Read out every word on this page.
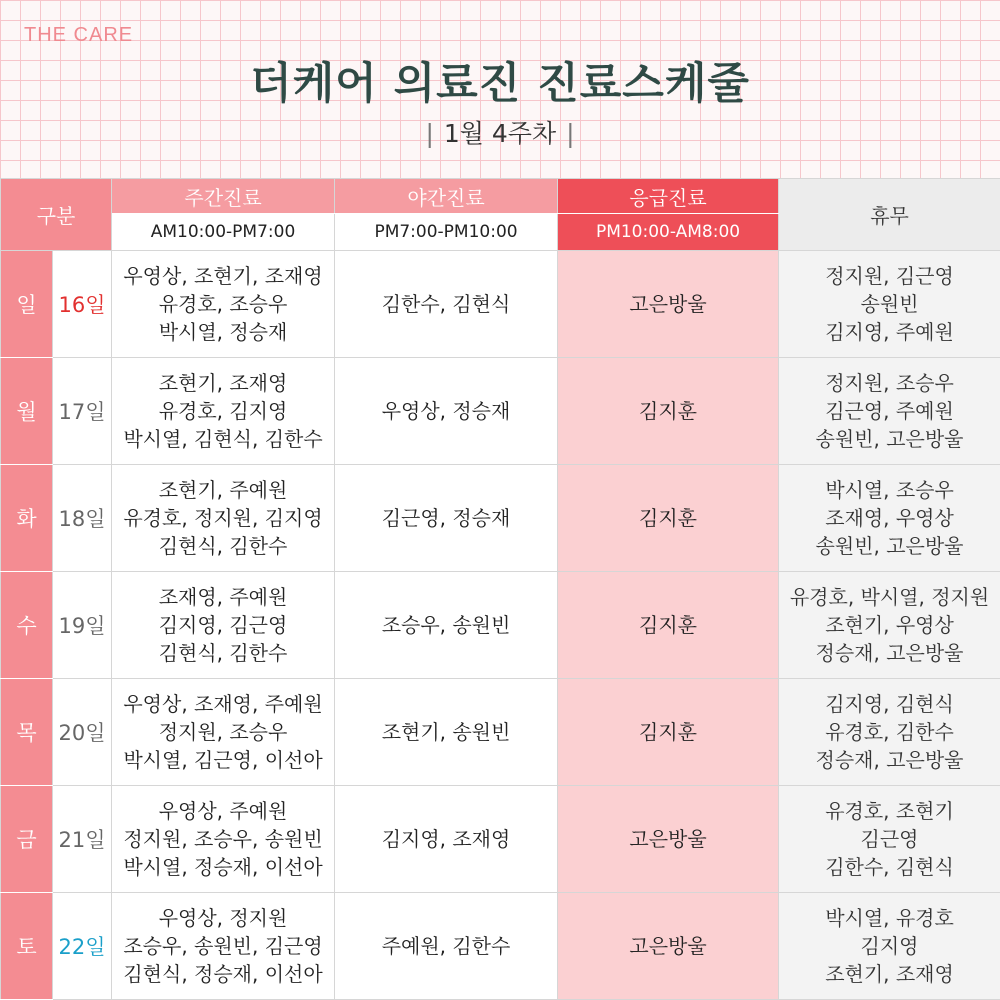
THE CARE
더케어 의료진 진료스케줄
| 1월 4주차 |
구분		주간진료	야간진료	응급진료	휴무
		AM10:00-PM7:00	PM7:00-PM10:00	PM10:00-AM8:00	
일	16일	우영상, 조현기, 조재영
유경호, 조승우
박시열, 정승재	김한수, 김현식	고은방울	정지원, 김근영
송원빈
김지영, 주예원

월	17일	조현기, 조재영
유경호, 김지영
박시열, 김현식, 김한수	우영상, 정승재	김지훈	정지원, 조승우
김근영, 주예원
송원빈, 고은방울

화	18일	조현기, 주예원
유경호, 정지원, 김지영
김현식, 김한수	김근영, 정승재	김지훈	박시열, 조승우
조재영, 우영상
송원빈, 고은방울

수	19일	조재영, 주예원
김지영, 김근영
김현식, 김한수	조승우, 송원빈	김지훈	유경호, 박시열, 정지원
조현기, 우영상
정승재, 고은방울

목	20일	우영상, 조재영, 주예원
정지원, 조승우
박시열, 김근영, 이선아	조현기, 송원빈	김지훈	김지영, 김현식
유경호, 김한수
정승재, 고은방울

금	21일	우영상, 주예원
정지원, 조승우, 송원빈
박시열, 정승재, 이선아	김지영, 조재영	고은방울	유경호, 조현기
김근영
김한수, 김현식

토	22일	우영상, 정지원
조승우, 송원빈, 김근영
김현식, 정승재, 이선아	주예원, 김한수	고은방울	박시열, 유경호
김지영
조현기, 조재영
